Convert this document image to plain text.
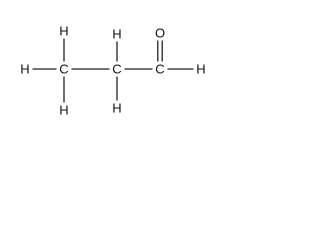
H C
H
H
C
H
H
C
O
H
